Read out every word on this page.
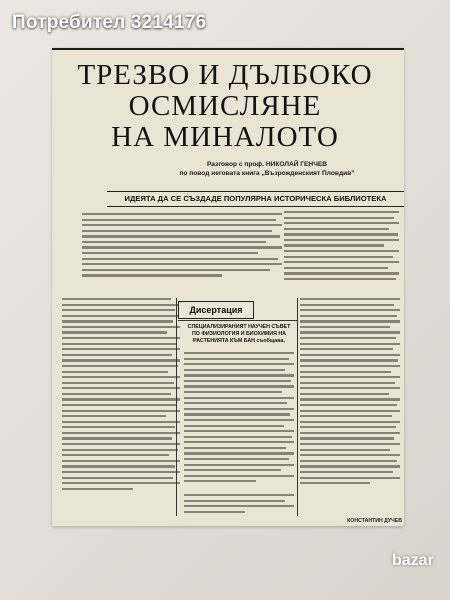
Потребител 3214176
ТРЕЗВО И ДЪЛБОКО
ОСМИСЛЯНЕ
НА МИНАЛОТО
Разговор с проф. НИКОЛАЙ ГЕНЧЕВ
по повод неговата книга „Възрожденският Пловдив”
ИДЕЯТА ДА СЕ СЪЗДАДЕ ПОПУЛЯРНА ИСТОРИЧЕСКА БИБЛИОТЕКА
Дисертация
СПЕЦИАЛИЗИРАНИЯТ НАУЧЕН СЪВЕТ ПО ФИЗИОЛОГИЯ И БИОХИМИЯ НА РАСТЕНИЯТА КЪМ БАН съобщава,
КОНСТАНТИН ДУЧЕВ
bazar
